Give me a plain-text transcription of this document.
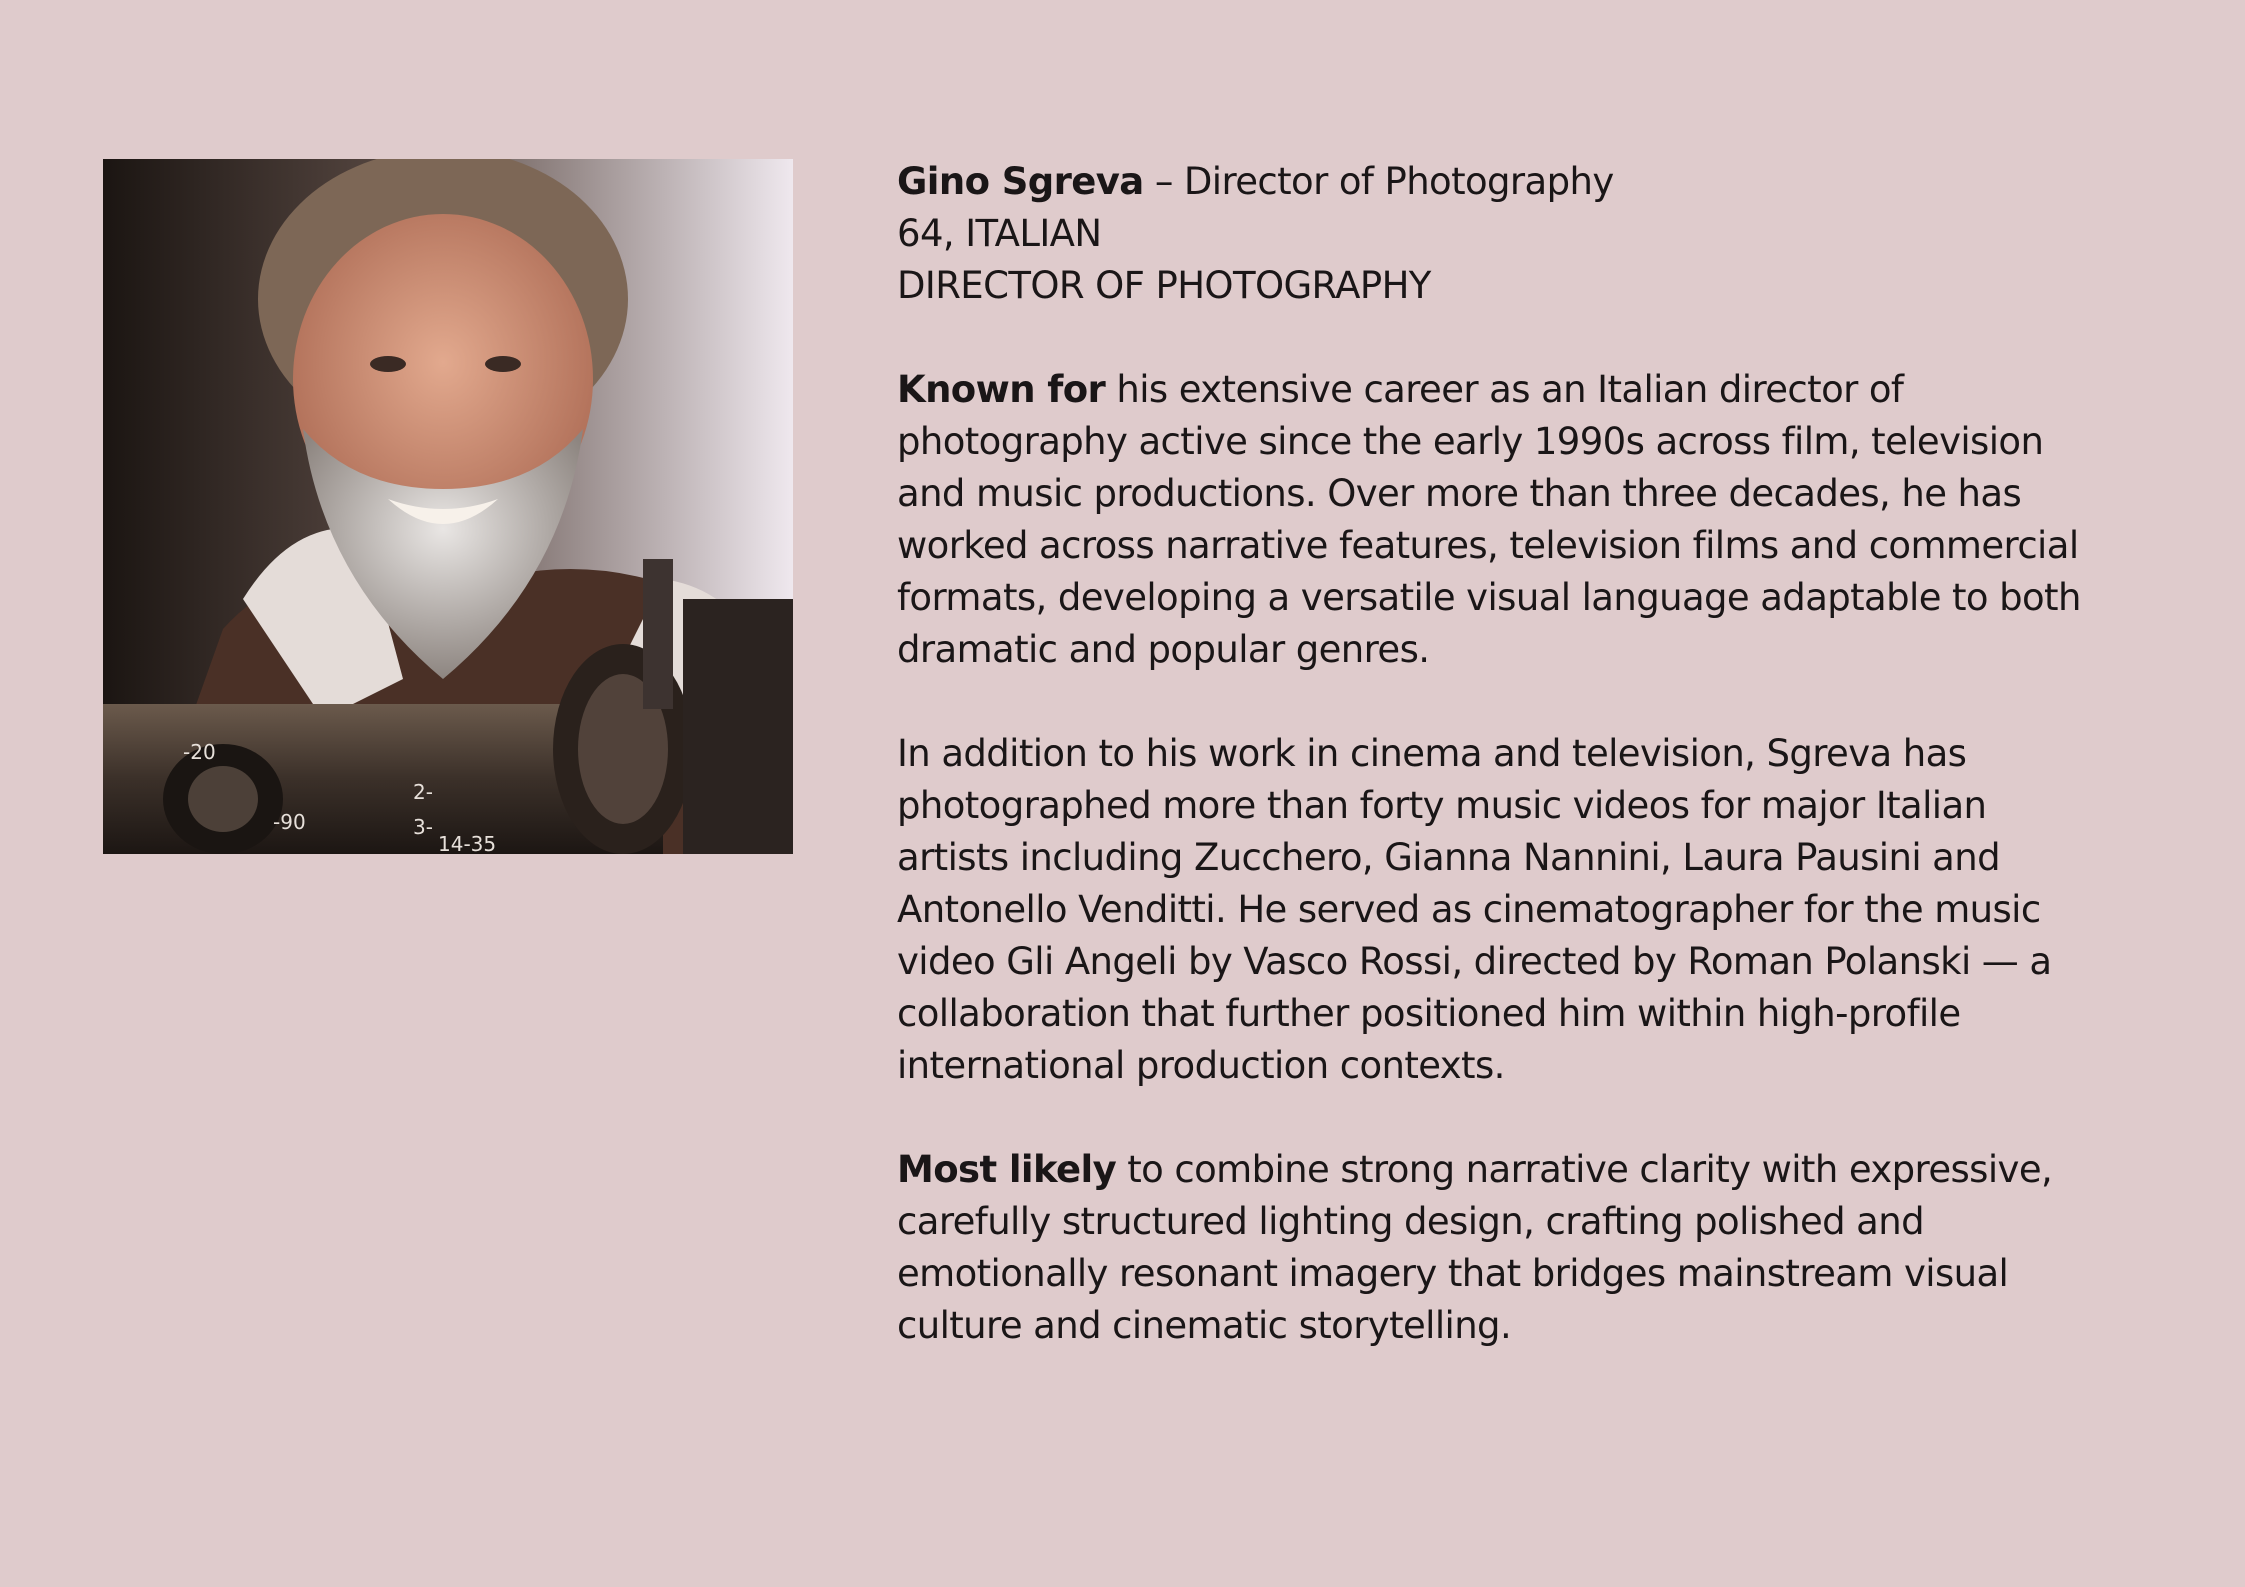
14-35
-90
2-
3-
-20

Gino Sgreva – Director of Photography

64, ITALIAN

DIRECTOR OF PHOTOGRAPHY

Known for his extensive career as an Italian director of photography active since the early 1990s across film, television and music productions. Over more than three decades, he has worked across narrative features, television films and commercial formats, developing a versatile visual language adaptable to both dramatic and popular genres.

In addition to his work in cinema and television, Sgreva has photographed more than forty music videos for major Italian artists including Zucchero, Gianna Nannini, Laura Pausini and Antonello Venditti. He served as cinematographer for the music video Gli Angeli by Vasco Rossi, directed by Roman Polanski — a collaboration that further positioned him within high-profile international production contexts.

Most likely to combine strong narrative clarity with expressive, carefully structured lighting design, crafting polished and emotionally resonant imagery that bridges mainstream visual culture and cinematic storytelling.
